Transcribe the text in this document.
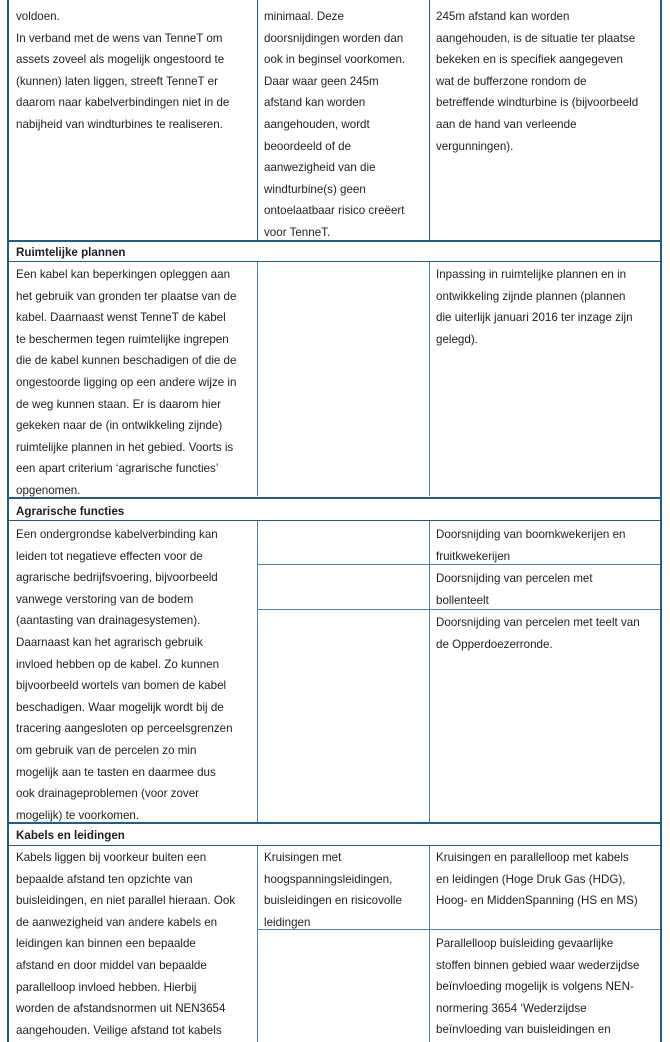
voldoen.
In verband met de wens van TenneT om
assets zoveel als mogelijk ongestoord te
(kunnen) laten liggen, streeft TenneT er
daarom naar kabelverbindingen niet in de
nabijheid van windturbines te realiseren.
minimaal. Deze
doorsnijdingen worden dan
ook in beginsel voorkomen.
Daar waar geen 245m
afstand kan worden
aangehouden, wordt
beoordeeld of de
aanwezigheid van die
windturbine(s) geen
ontoelaatbaar risico creëert
voor TenneT.
245m afstand kan worden
aangehouden, is de situatie ter plaatse
bekeken en is specifiek aangegeven
wat de bufferzone rondom de
betreffende windturbine is (bijvoorbeeld
aan de hand van verleende
vergunningen).
Ruimtelijke plannen
Een kabel kan beperkingen opleggen aan
het gebruik van gronden ter plaatse van de
kabel. Daarnaast wenst TenneT de kabel
te beschermen tegen ruimtelijke ingrepen
die de kabel kunnen beschadigen of die de
ongestoorde ligging op een andere wijze in
de weg kunnen staan. Er is daarom hier
gekeken naar de (in ontwikkeling zijnde)
ruimtelijke plannen in het gebied. Voorts is
een apart criterium ‘agrarische functies’
opgenomen.
Inpassing in ruimtelijke plannen en in
ontwikkeling zijnde plannen (plannen
die uiterlijk januari 2016 ter inzage zijn
gelegd).
Agrarische functies
Een ondergrondse kabelverbinding kan
leiden tot negatieve effecten voor de
agrarische bedrijfsvoering, bijvoorbeeld
vanwege verstoring van de bodem
(aantasting van drainagesystemen).
Daarnaast kan het agrarisch gebruik
invloed hebben op de kabel. Zo kunnen
bijvoorbeeld wortels van bomen de kabel
beschadigen. Waar mogelijk wordt bij de
tracering aangesloten op perceelsgrenzen
om gebruik van de percelen zo min
mogelijk aan te tasten en daarmee dus
ook drainageproblemen (voor zover
mogelijk) te voorkomen.
Doorsnijding van boomkwekerijen en
fruitkwekerijen
Doorsnijding van percelen met
bollenteelt
Doorsnijding van percelen met teelt van
de Opperdoezerronde.
Kabels en leidingen
Kabels liggen bij voorkeur buiten een
bepaalde afstand ten opzichte van
buisleidingen, en niet parallel hieraan. Ook
de aanwezigheid van andere kabels en
leidingen kan binnen een bepaalde
afstand en door middel van bepaalde
parallelloop invloed hebben. Hierbij
worden de afstandsnormen uit NEN3654
aangehouden. Veilige afstand tot kabels
Kruisingen met
hoogspanningsleidingen,
buisleidingen en risicovolle
leidingen
Kruisingen en parallelloop met kabels
en leidingen (Hoge Druk Gas (HDG),
Hoog- en MiddenSpanning (HS en MS)
Parallelloop buisleiding gevaarlijke
stoffen binnen gebied waar wederzijdse
beïnvloeding mogelijk is volgens NEN-
normering 3654 ‘Wederzijdse
beïnvloeding van buisleidingen en
